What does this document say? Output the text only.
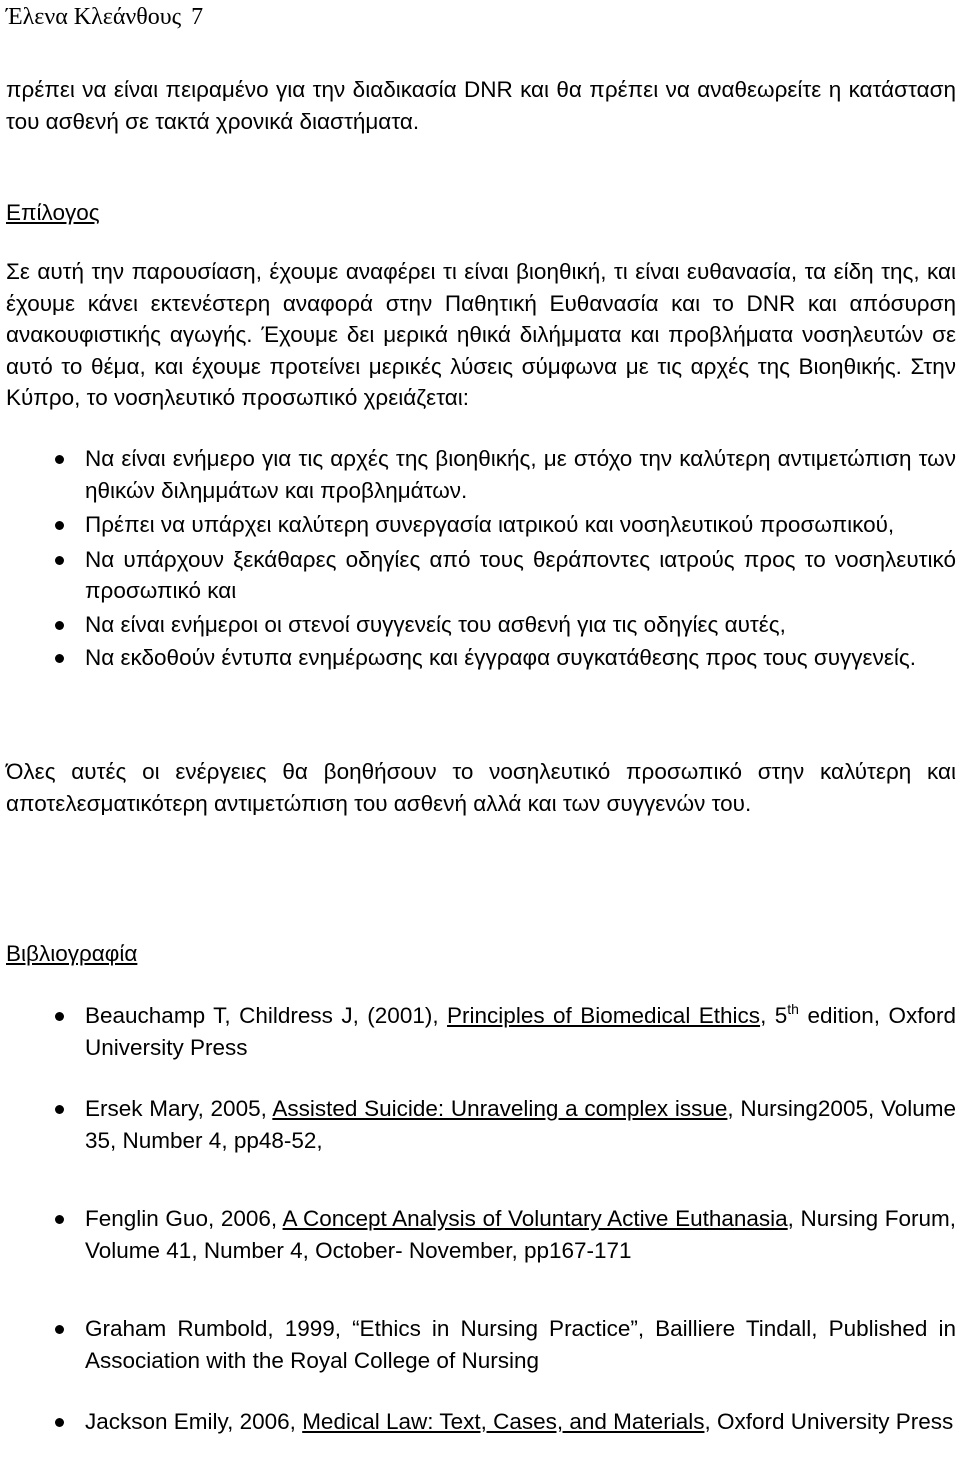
Έλενα Κλεάνθους 7

πρέπει να είναι πειραμένο για την διαδικασία DNR και θα πρέπει να αναθεωρείτε η κατάσταση του ασθενή σε τακτά χρονικά διαστήματα.

Επίλογος

Σε αυτή την παρουσίαση, έχουμε αναφέρει τι είναι βιοηθική, τι είναι ευθανασία, τα είδη της, και έχουμε κάνει εκτενέστερη αναφορά στην Παθητική Ευθανασία και το DNR και απόσυρση ανακουφιστικής αγωγής. Έχουμε δει μερικά ηθικά διλήμματα και προβλήματα νοσηλευτών σε αυτό το θέμα, και έχουμε προτείνει μερικές λύσεις σύμφωνα με τις αρχές της Βιοηθικής. Στην Κύπρο, το νοσηλευτικό προσωπικό χρειάζεται:

Να είναι ενήμερο για τις αρχές της βιοηθικής, με στόχο την καλύτερη αντιμετώπιση των ηθικών διλημμάτων και προβλημάτων.
Πρέπει να υπάρχει καλύτερη συνεργασία ιατρικού και νοσηλευτικού προσωπικού,
Να υπάρχουν ξεκάθαρες οδηγίες από τους θεράποντες ιατρούς προς το νοσηλευτικό προσωπικό και
Να είναι ενήμεροι οι στενοί συγγενείς του ασθενή για τις οδηγίες αυτές,
Να εκδοθούν έντυπα ενημέρωσης και έγγραφα συγκατάθεσης προς τους συγγενείς.

Όλες αυτές οι ενέργειες θα βοηθήσουν το νοσηλευτικό προσωπικό στην καλύτερη και αποτελεσματικότερη αντιμετώπιση του ασθενή αλλά και των συγγενών του.

Βιβλιογραφία
Beauchamp T, Childress J, (2001), Principles of Biomedical Ethics, 5th edition, Oxford University Press
Ersek Mary, 2005, Assisted Suicide: Unraveling a complex issue, Nursing2005, Volume 35, Number 4, pp48-52,
Fenglin Guo, 2006, A Concept Analysis of Voluntary Active Euthanasia, Nursing Forum, Volume 41, Number 4, October- November, pp167-171
Graham Rumbold, 1999, “Ethics in Nursing Practice”, Bailliere Tindall, Published in Association with the Royal College of Nursing
Jackson Emily, 2006, Medical Law: Text, Cases, and Materials, Oxford University Press
